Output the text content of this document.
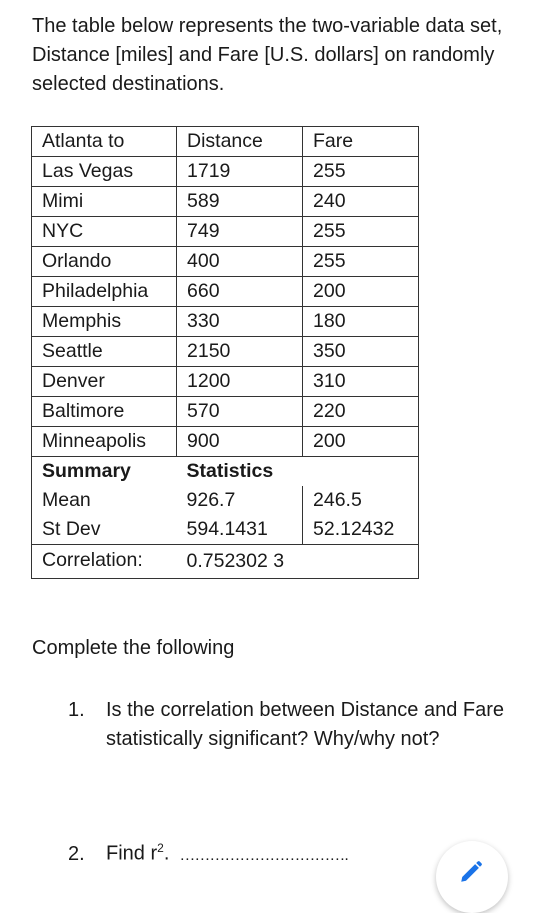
The table below represents the two-variable data set, Distance [miles] and Fare [U.S. dollars] on randomly selected destinations.
Atlanta to	Distance	Fare
Las Vegas	1719	255
Mimi	589	240
NYC	749	255
Orlando	400	255
Philadelphia	660	200
Memphis	330	180
Seattle	2150	350
Denver	1200	310
Baltimore	570	220
Minneapolis	900	200
Summary	Statistics	
Mean	926.7	246.5
St Dev	594.1431	52.12432
Correlation:	0.752302 3	
Complete the following
1. Is the correlation between Distance and Fare statistically significant? Why/why not?
2. Find $r^2$. …………………………….
